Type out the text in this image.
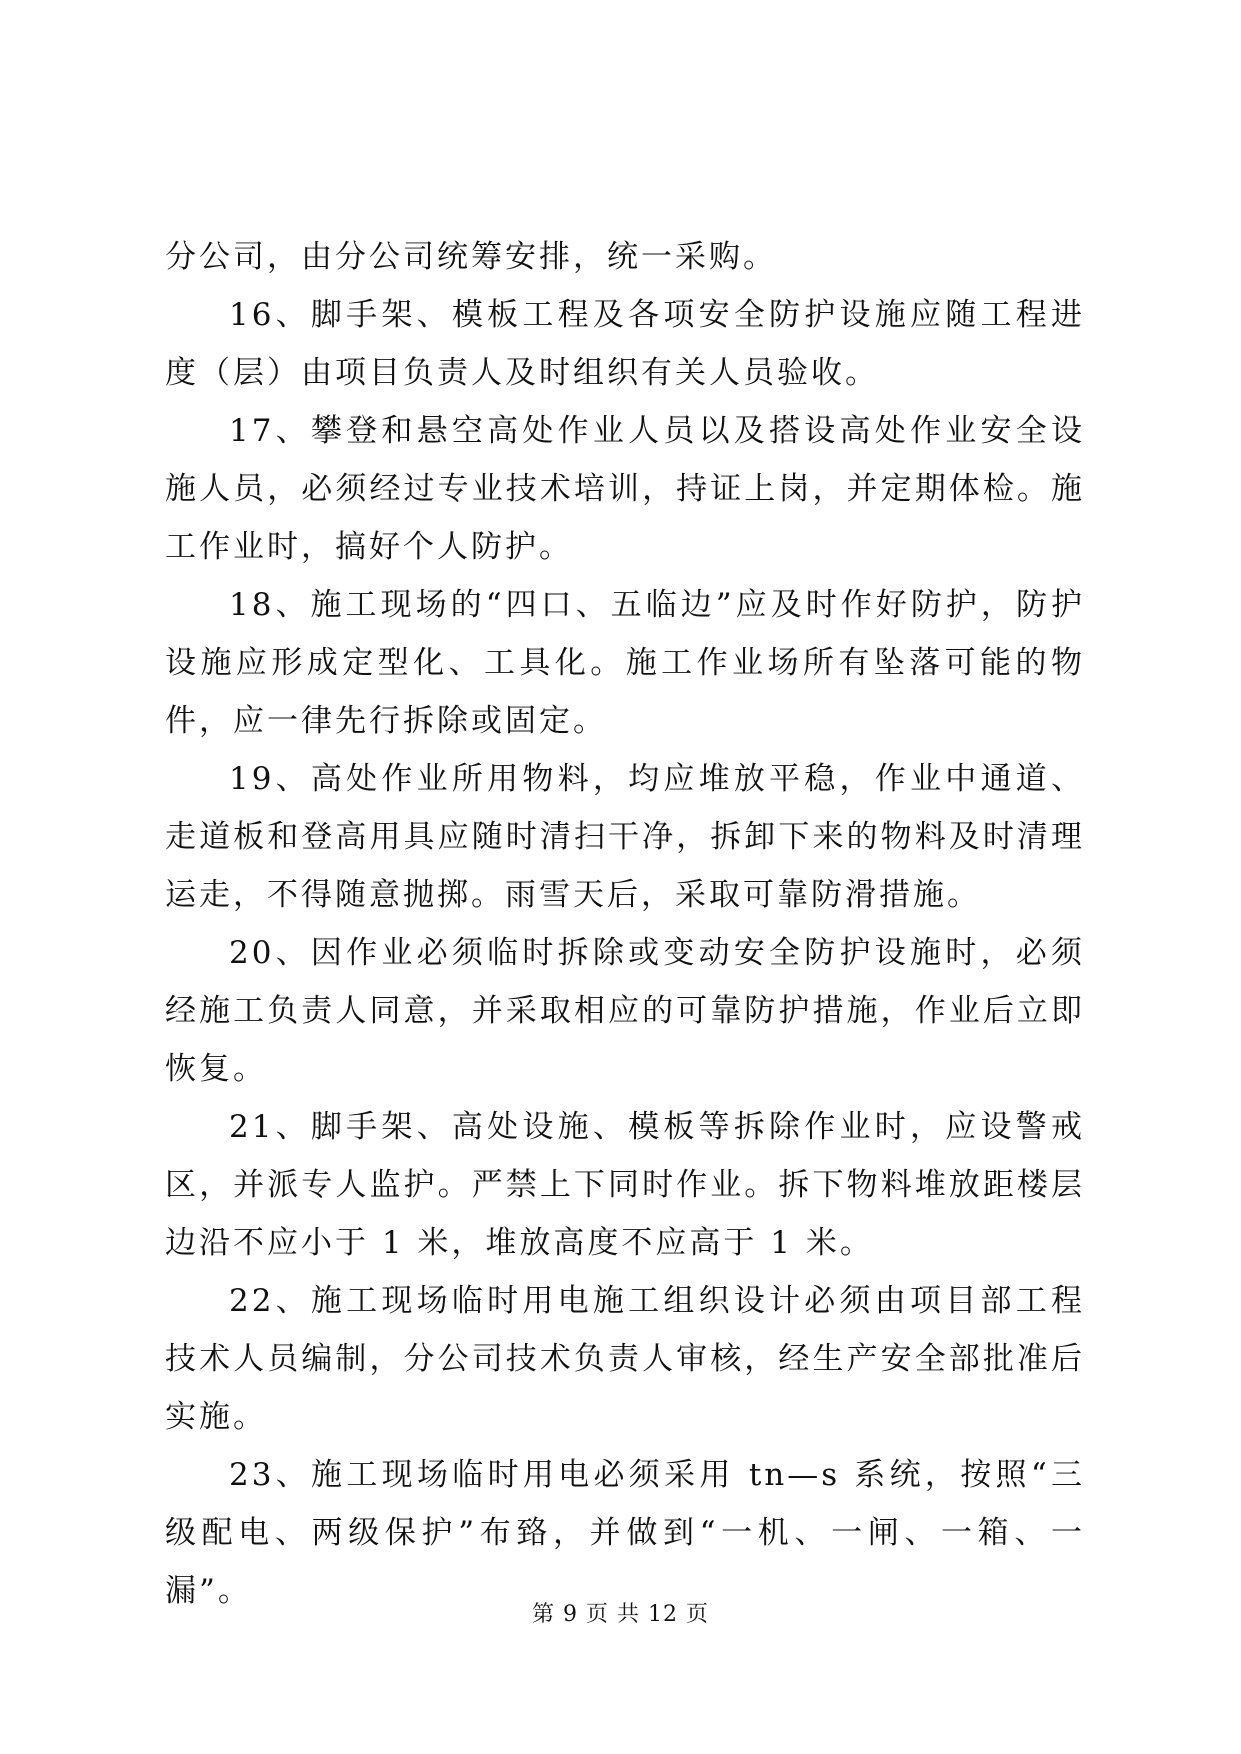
分公司，由分公司统筹安排，统一采购。

16、脚手架、模板工程及各项安全防护设施应随工程进度（层）由项目负责人及时组织有关人员验收。

17、攀登和悬空高处作业人员以及搭设高处作业安全设施人员，必须经过专业技术培训，持证上岗，并定期体检。施工作业时，搞好个人防护。

18、施工现场的“四口、五临边”应及时作好防护，防护设施应形成定型化、工具化。施工作业场所有坠落可能的物件，应一律先行拆除或固定。

19、高处作业所用物料，均应堆放平稳，作业中通道、走道板和登高用具应随时清扫干净，拆卸下来的物料及时清理运走，不得随意抛掷。雨雪天后，采取可靠防滑措施。

20、因作业必须临时拆除或变动安全防护设施时，必须经施工负责人同意，并采取相应的可靠防护措施，作业后立即恢复。

21、脚手架、高处设施、模板等拆除作业时，应设警戒区，并派专人监护。严禁上下同时作业。拆下物料堆放距楼层边沿不应小于 1 米，堆放高度不应高于 1 米。

22、施工现场临时用电施工组织设计必须由项目部工程技术人员编制，分公司技术负责人审核，经生产安全部批准后实施。

23、施工现场临时用电必须采用 tn—s 系统，按照“三级配电、两级保护”布臵，并做到“一机、一闸、一箱、一漏”。

第 9 页 共 12 页
